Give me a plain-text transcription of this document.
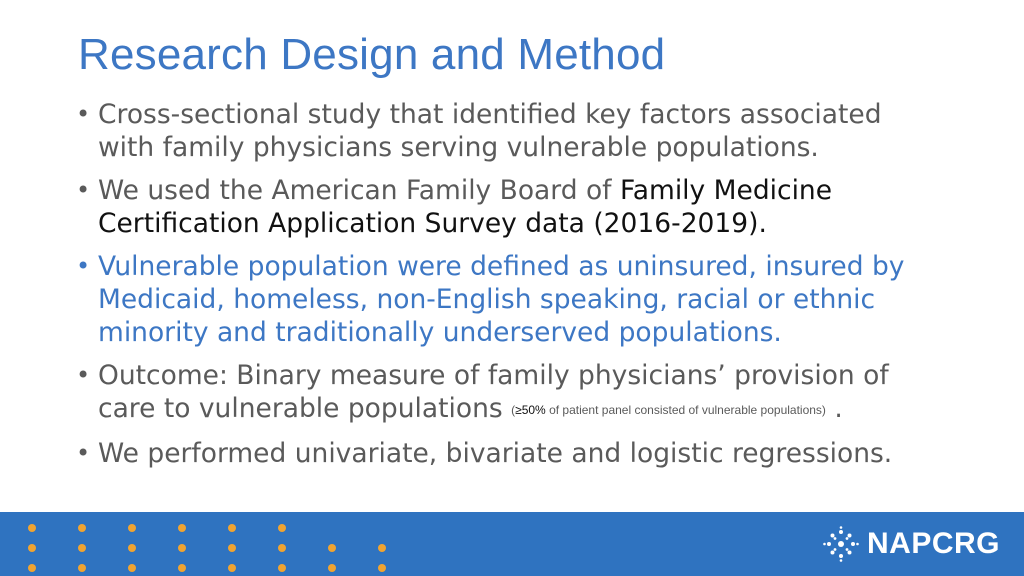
Research Design and Method
• Cross-sectional study that identified key factors associated
with family physicians serving vulnerable populations.
• We used the American Family Board of Family Medicine
Certification Application Survey data (2016-2019).
• Vulnerable population were defined as uninsured, insured by
Medicaid, homeless, non-English speaking, racial or ethnic
minority and traditionally underserved populations.
• Outcome: Binary measure of family physicians’ provision of
care to vulnerable populations (≥50% of patient panel consisted of vulnerable populations) .
• We performed univariate, bivariate and logistic regressions.
NAPCRG
